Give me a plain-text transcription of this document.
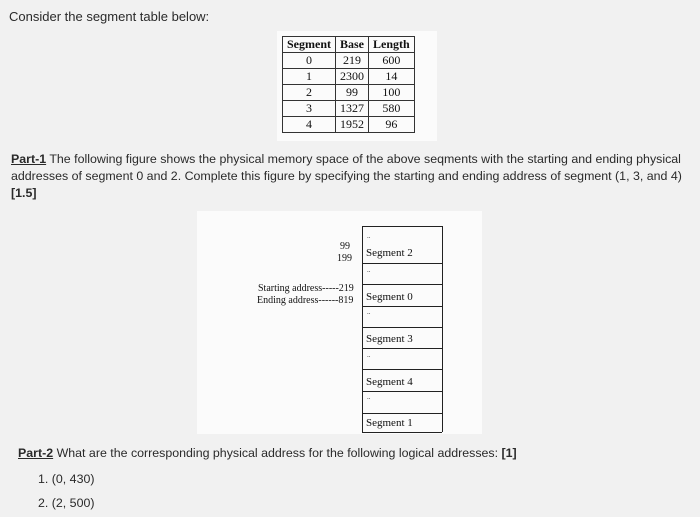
Consider the segment table below:
Segment	Base	Length
0	219	600
1	2300	14
2	99	100
3	1327	580
4	1952	96
Part-1 The following figure shows the physical memory space of the above seqments with the starting and ending physical addresses of segment 0 and 2. Complete this figure by specifying the starting and ending address of segment (1, 3, and 4) [1.5]
..
Segment 2
..
99
199
Starting address-----219
Ending address------819 Segment 0
..
Segment 3
..
Segment 4
..
Segment 1
Part-2 What are the corresponding physical address for the following logical addresses: [1]
1. (0, 430)
2. (2, 500)
